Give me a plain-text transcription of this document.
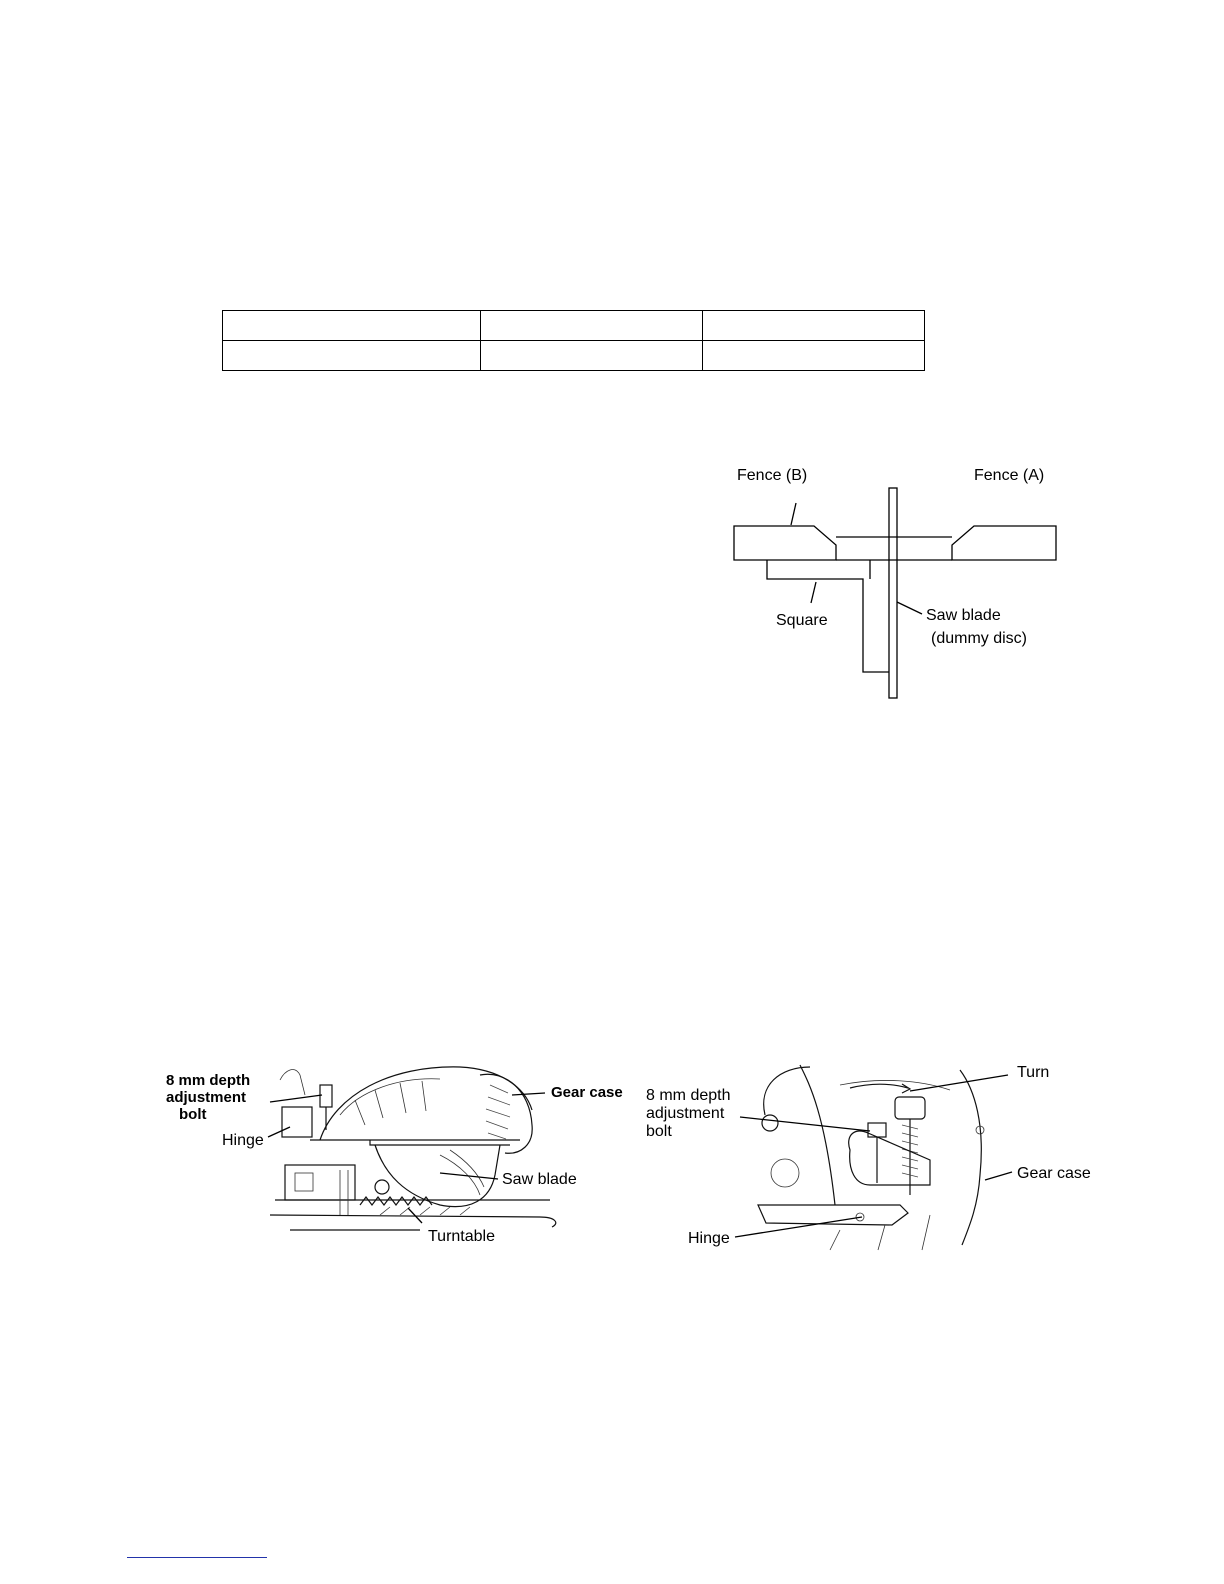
Fence (B)	Fence (A)
Square	Saw blade
(dummy disc)
8 mm depth
adjustment
bolt
Hinge
Gear case
Saw blade
Turntable
Turn
8 mm depth
adjustment
bolt
Gear case
Hinge
